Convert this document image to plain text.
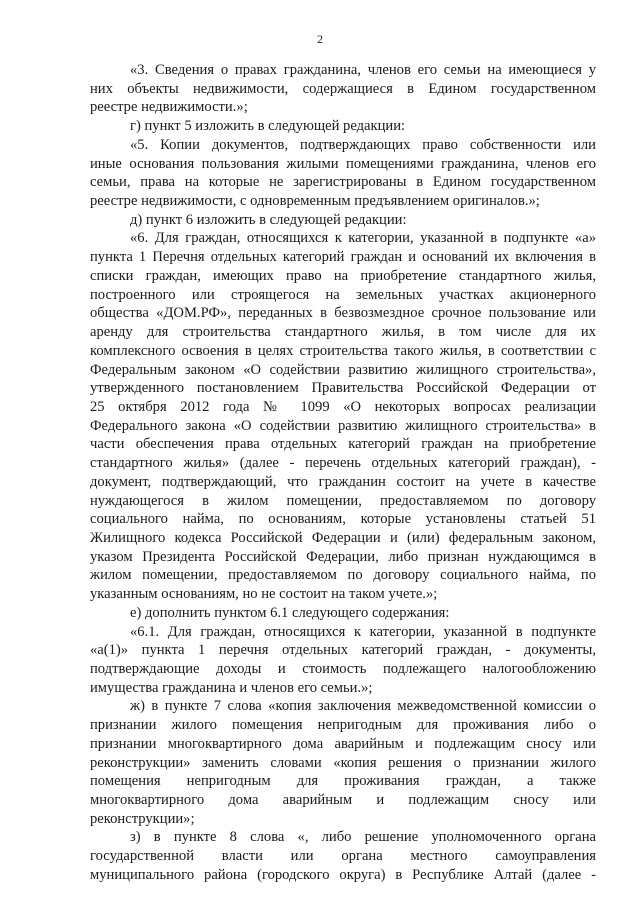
2
«3. Сведения о правах гражданина, членов его семьи на имеющиеся у
них объекты недвижимости, содержащиеся в Едином государственном
реестре недвижимости.»;
г) пункт 5 изложить в следующей редакции:
«5. Копии документов, подтверждающих право собственности или
иные основания пользования жилыми помещениями гражданина, членов его
семьи, права на которые не зарегистрированы в Едином государственном
реестре недвижимости, с одновременным предъявлением оригиналов.»;
д) пункт 6 изложить в следующей редакции:
«6. Для граждан, относящихся к категории, указанной в подпункте «а»
пункта 1 Перечня отдельных категорий граждан и оснований их включения в
списки граждан, имеющих право на приобретение стандартного жилья,
построенного или строящегося на земельных участках акционерного
общества «ДОМ.РФ», переданных в безвозмездное срочное пользование или
аренду для строительства стандартного жилья, в том числе для их
комплексного освоения в целях строительства такого жилья, в соответствии с
Федеральным законом «О содействии развитию жилищного строительства»,
утвержденного постановлением Правительства Российской Федерации от
25 октября 2012 года № 1099 «О некоторых вопросах реализации
Федерального закона «О содействии развитию жилищного строительства» в
части обеспечения права отдельных категорий граждан на приобретение
стандартного жилья» (далее - перечень отдельных категорий граждан), -
документ, подтверждающий, что гражданин состоит на учете в качестве
нуждающегося в жилом помещении, предоставляемом по договору
социального найма, по основаниям, которые установлены статьей 51
Жилищного кодекса Российской Федерации и (или) федеральным законом,
указом Президента Российской Федерации, либо признан нуждающимся в
жилом помещении, предоставляемом по договору социального найма, по
указанным основаниям, но не состоит на таком учете.»;
е) дополнить пунктом 6.1 следующего содержания:
«6.1. Для граждан, относящихся к категории, указанной в подпункте
«а(1)» пункта 1 перечня отдельных категорий граждан, - документы,
подтверждающие доходы и стоимость подлежащего налогообложению
имущества гражданина и членов его семьи.»;
ж) в пункте 7 слова «копия заключения межведомственной комиссии о
признании жилого помещения непригодным для проживания либо о
признании многоквартирного дома аварийным и подлежащим сносу или
реконструкции» заменить словами «копия решения о признании жилого
помещения непригодным для проживания граждан, а также
многоквартирного дома аварийным и подлежащим сносу или
реконструкции»;
з) в пункте 8 слова «, либо решение уполномоченного органа
государственной власти или органа местного самоуправления
муниципального района (городского округа) в Республике Алтай (далее -
